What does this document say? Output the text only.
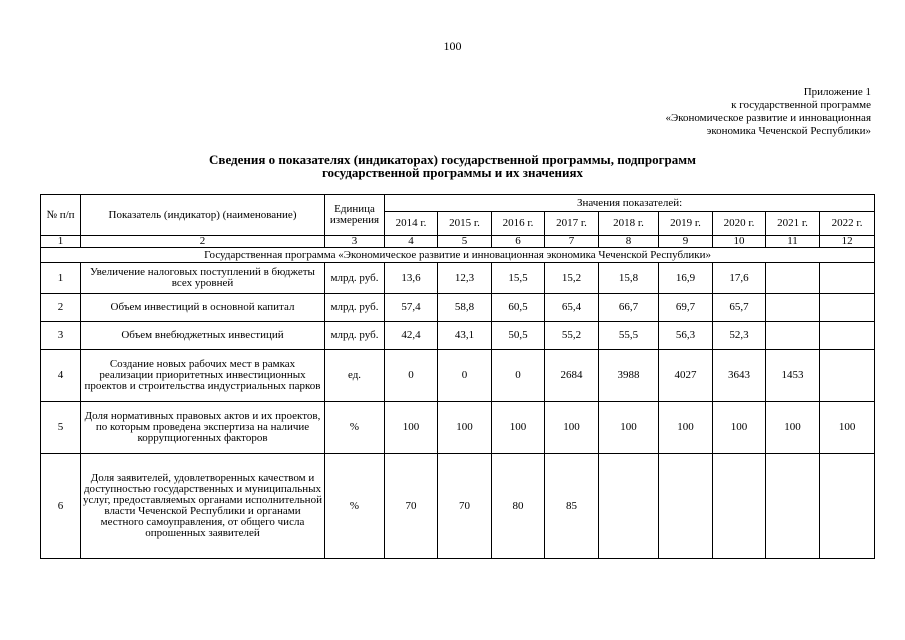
100
Приложение 1
к государственной программе
«Экономическое развитие и инновационная
экономика Чеченской Республики»
Сведения о показателях (индикаторах) государственной программы, подпрограмм
государственной программы и их значениях
№ п/п	Показатель (индикатор) (наименование)	Единица измерения	Значения показателей:								
			2014 г.	2015 г.	2016 г.	2017 г.	2018 г.	2019 г.	2020 г.	2021 г.	2022 г.
1	2	3	4	5	6	7	8	9	10	11	12
Государственная программа «Экономическое развитие и инновационная экономика Чеченской Республики»											
1	Увеличение налоговых поступлений в бюджеты всех уровней	млрд. руб.	13,6	12,3	15,5	15,2	15,8	16,9	17,6		
2	Объем инвестиций в основной капитал	млрд. руб.	57,4	58,8	60,5	65,4	66,7	69,7	65,7		
3	Объем внебюджетных инвестиций	млрд. руб.	42,4	43,1	50,5	55,2	55,5	56,3	52,3		
4	Создание новых рабочих мест в рамках реализации приоритетных инвестиционных проектов и строительства индустриальных парков	ед.	0	0	0	2684	3988	4027	3643	1453	
5	Доля нормативных правовых актов и их проектов, по которым проведена экспертиза на наличие коррупциогенных факторов	%	100	100	100	100	100	100	100	100	100
6	Доля заявителей, удовлетворенных качеством и доступностью государственных и муниципальных услуг, предоставляемых органами исполнительной власти Чеченской Республики и органами местного самоуправления, от общего числа опрошенных заявителей	%	70	70	80	85					
